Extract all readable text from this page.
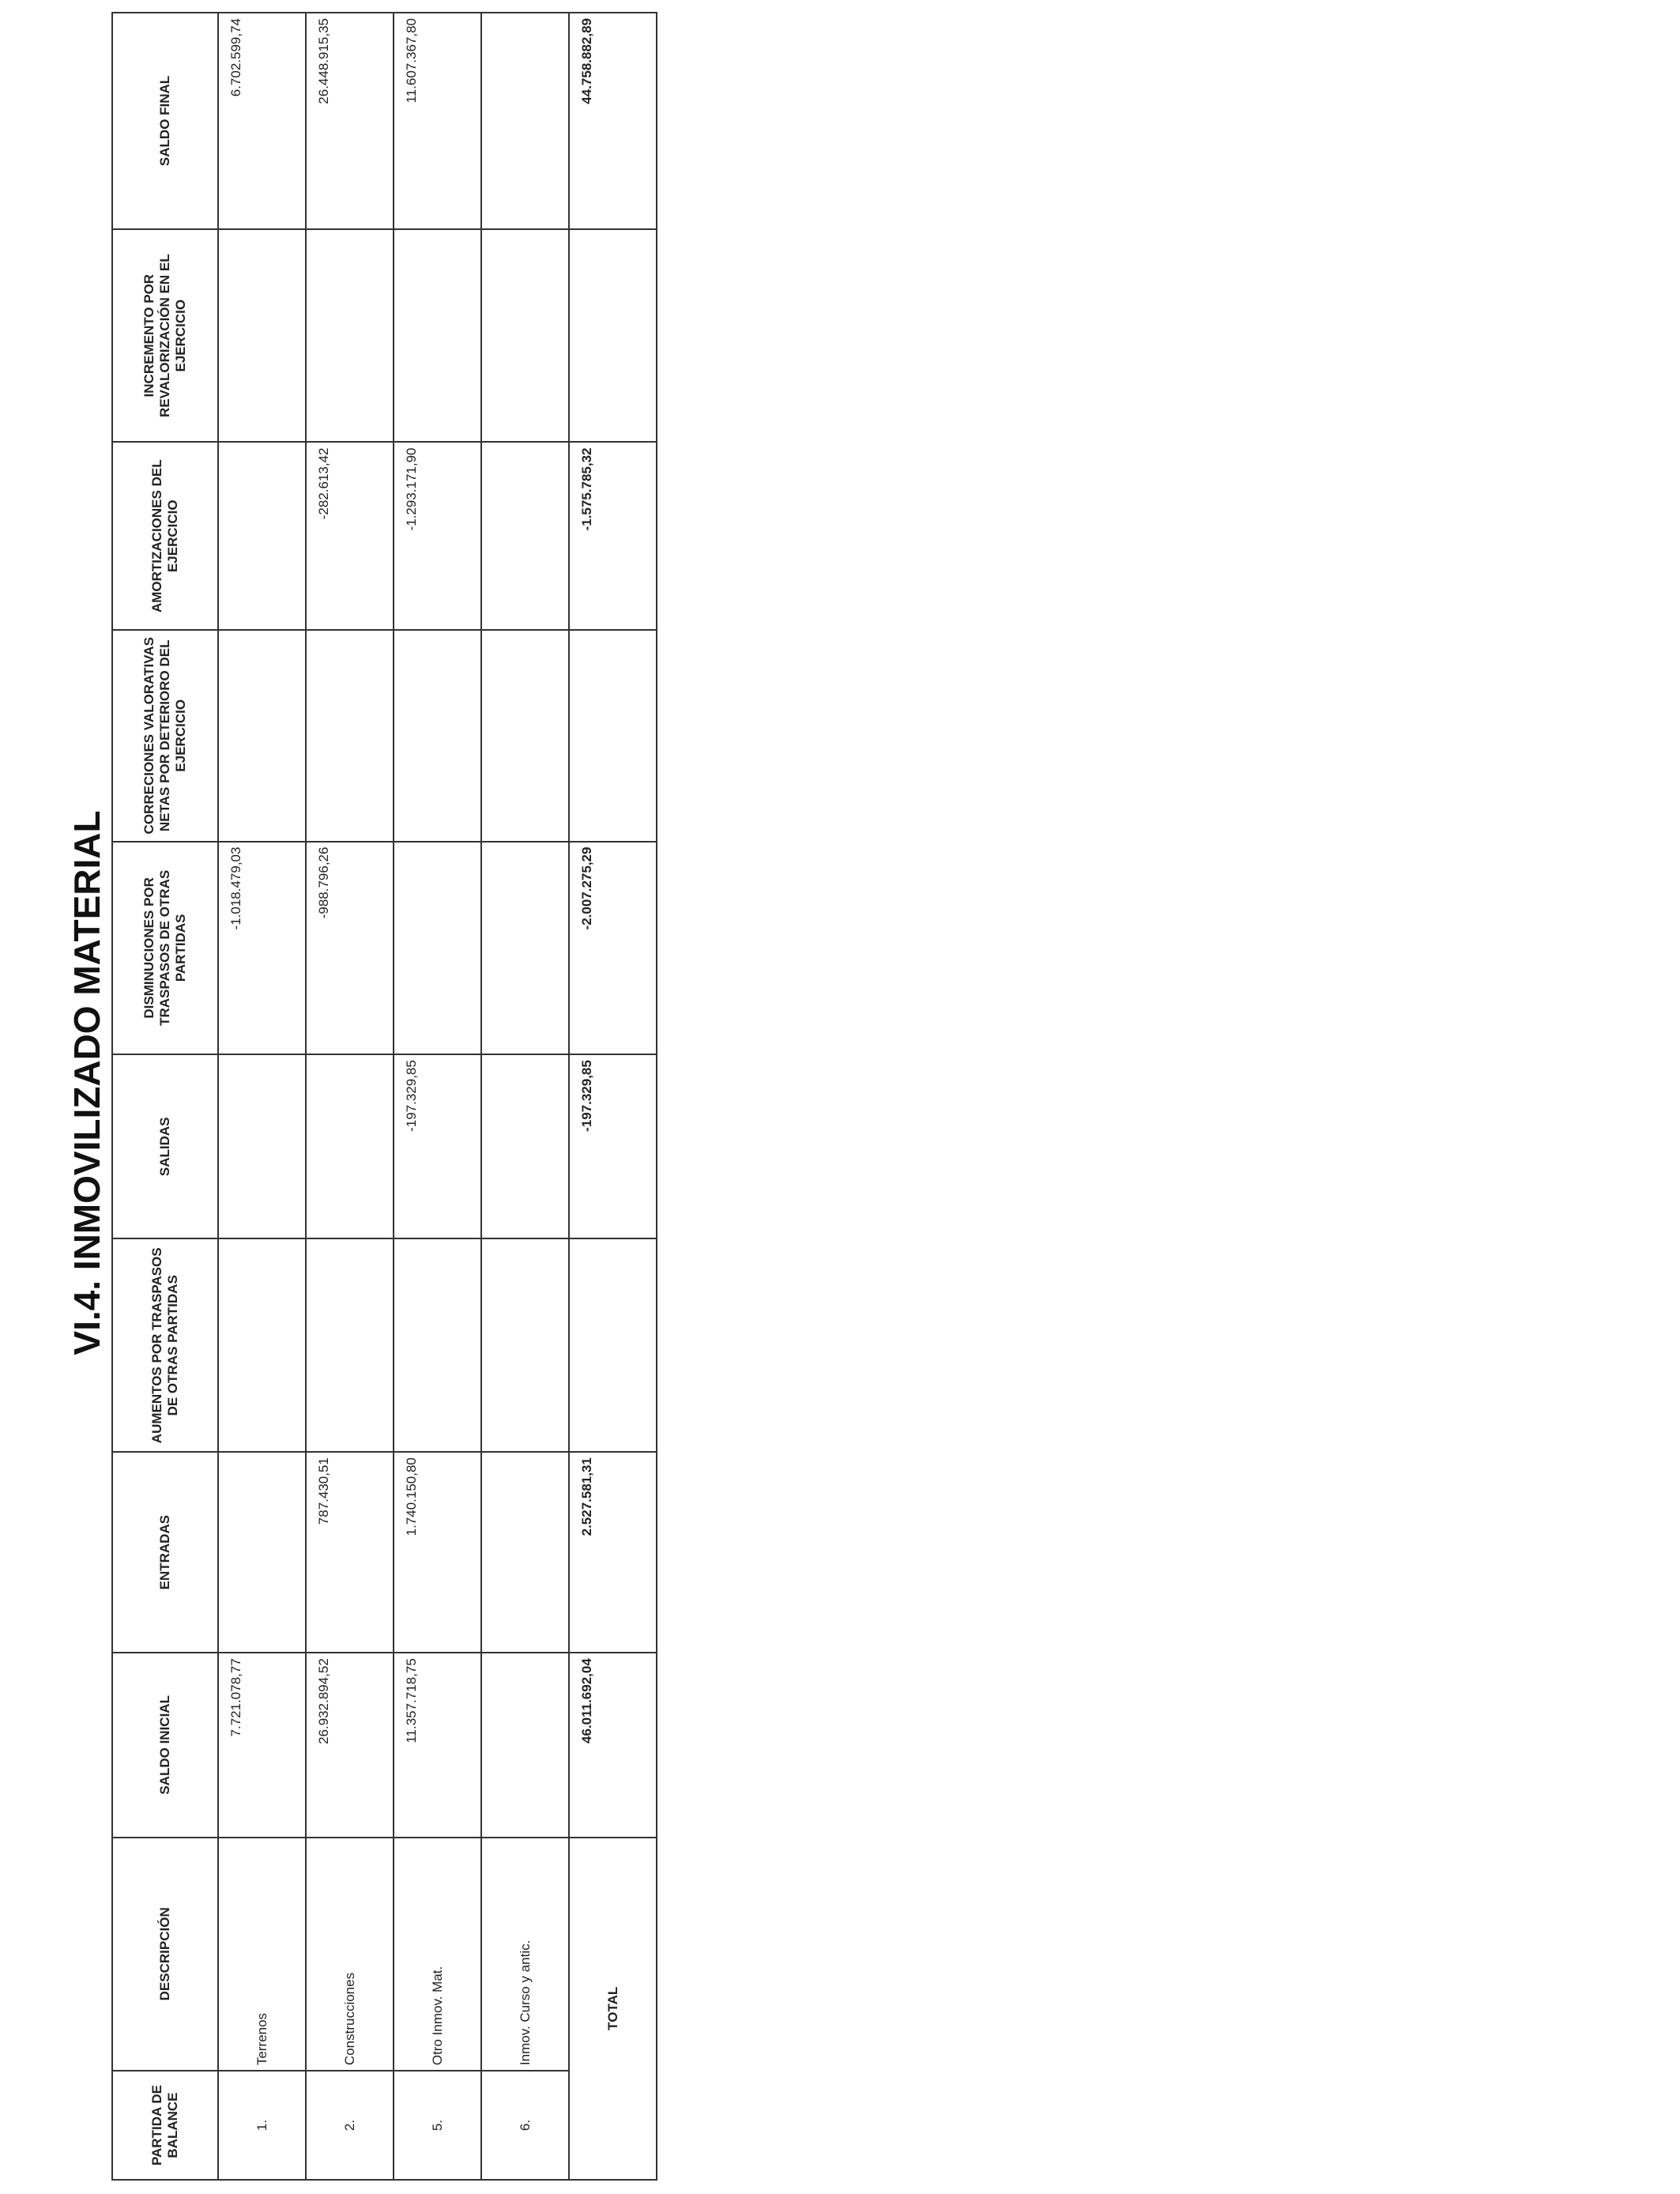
VI.4. INMOVILIZADO MATERIAL
PARTIDA DE BALANCE	DESCRIPCIÓN	SALDO INICIAL	ENTRADAS	AUMENTOS POR TRASPASOS DE OTRAS PARTIDAS	SALIDAS	DISMINUCIONES POR TRASPASOS DE OTRAS PARTIDAS	CORRECIONES VALORATIVAS NETAS POR DETERIORO DEL EJERCICIO	AMORTIZACIONES DEL EJERCICIO	INCREMENTO POR REVALORIZACIÓN EN EL EJERCICIO	SALDO FINAL
1.	Terrenos	7.721.078,77				-1.018.479,03				6.702.599,74
2.	Construcciones	26.932.894,52	787.430,51			-988.796,26		-282.613,42		26.448.915,35
5.	Otro Inmov. Mat.	11.357.718,75	1.740.150,80		-197.329,85			-1.293.171,90		11.607.367,80
6.	Inmov. Curso y antic.									
TOTAL		46.011.692,04	2.527.581,31		-197.329,85	-2.007.275,29		-1.575.785,32		44.758.882,89
